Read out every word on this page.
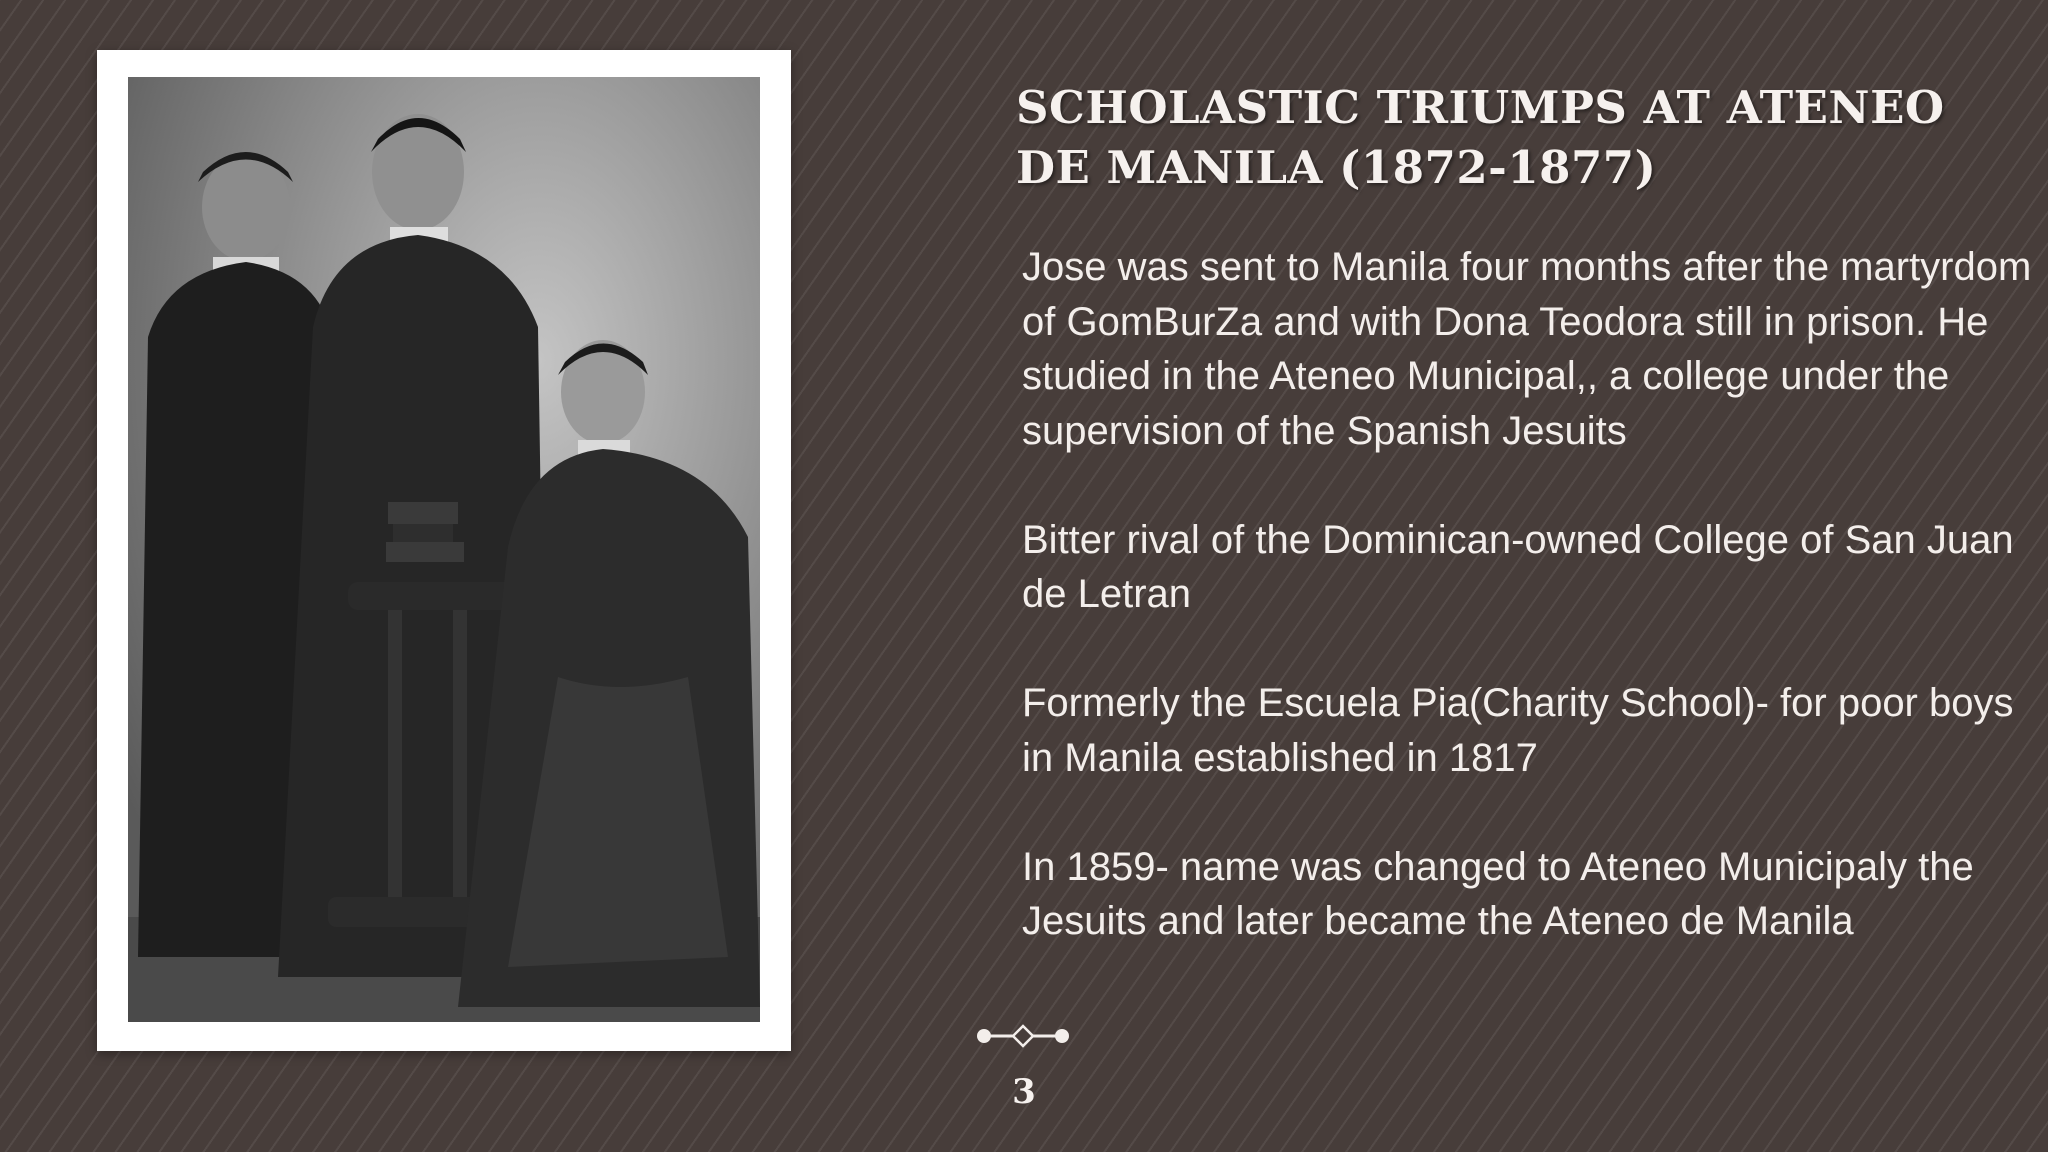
SCHOLASTIC TRIUMPS AT ATENEO DE MANILA (1872-1877)

Jose was sent to Manila four months after the martyrdom of GomBurZa and with Dona Teodora still in prison. He studied in the Ateneo Municipal,, a college under the supervision of the Spanish Jesuits

Bitter rival of the Dominican-owned College of San Juan de Letran

Formerly the Escuela Pia(Charity School)- for poor boys in Manila established in 1817

In 1859- name was changed to Ateneo Municipaly the Jesuits and later became the Ateneo de Manila

3
